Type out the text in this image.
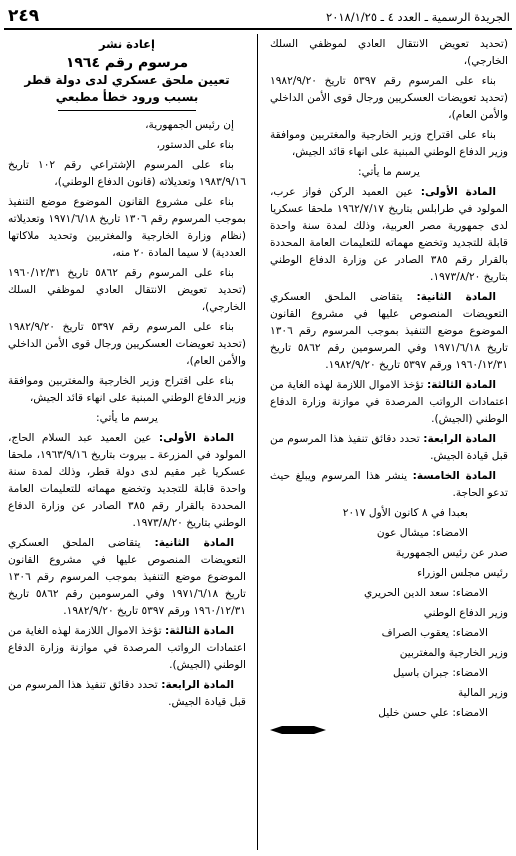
٢٤٩	الجريدة الرسمية ـ العدد ٤ ـ ٢٠١٨/١/٢٥

(تحديد تعويض الانتقال العادي لموظفي السلك الخارجي)،

بناء على المرسوم رقم ٥٣٩٧ تاريخ ١٩٨٢/٩/٢٠ (تحديد تعويضات العسكريين ورجال قوى الأمن الداخلي والأمن العام)،

بناء على اقتراح وزير الخارجية والمغتربين وموافقة وزير الدفاع الوطني المبنية على انهاء قائد الجيش،

يرسم ما يأتي:

المادة الأولى: عين العميد الركن فواز عرب، المولود في طرابلس بتاريخ ١٩٦٢/٧/١٧ ملحقا عسكريا لدى جمهورية مصر العربية، وذلك لمدة سنة واحدة قابلة للتجديد وتخضع مهماته للتعليمات العامة المحددة بالقرار رقم ٣٨٥ الصادر عن وزارة الدفاع الوطني بتاريخ ١٩٧٣/٨/٢٠.

المادة الثانية: يتقاضى الملحق العسكري التعويضات المنصوص عليها في مشروع القانون الموضوع موضع التنفيذ بموجب المرسوم رقم ١٣٠٦ تاريخ ١٩٧١/٦/١٨ وفي المرسومين رقم ٥٨٦٢ تاريخ ١٩٦٠/١٢/٣١ ورقم ٥٣٩٧ تاريخ ١٩٨٢/٩/٢٠.

المادة الثالثة: تؤخذ الاموال اللازمة لهذه الغاية من اعتمادات الرواتب المرصدة في موازنة وزارة الدفاع الوطني (الجيش).

المادة الرابعة: تحدد دقائق تنفيذ هذا المرسوم من قبل قيادة الجيش.

المادة الخامسة: ينشر هذا المرسوم ويبلغ حيث تدعو الحاجة.

بعبدا في ٨ كانون الأول ٢٠١٧

الامضاء: ميشال عون

صدر عن رئيس الجمهورية

رئيس مجلس الوزراء

الامضاء: سعد الدين الحريري

وزير الدفاع الوطني

الامضاء: يعقوب الصراف

وزير الخارجية والمغتربين

الامضاء: جبران باسيل

وزير المالية

الامضاء: علي حسن خليل

إعادة نشر

مرسوم رقم ١٩٦٤

تعيين ملحق عسكري لدى دولة قطر

بسبب ورود خطأ مطبعي

إن رئيس الجمهورية،

بناء على الدستور،

بناء على المرسوم الإشتراعي رقم ١٠٢ تاريخ ١٩٨٣/٩/١٦ وتعديلاته (قانون الدفاع الوطني)،

بناء على مشروع القانون الموضوع موضع التنفيذ بموجب المرسوم رقم ١٣٠٦ تاريخ ١٩٧١/٦/١٨ وتعديلاته (نظام وزارة الخارجية والمغتربين وتحديد ملاكاتها العددية) لا سيما المادة ٢٠ منه،

بناء على المرسوم رقم ٥٨٦٢ تاريخ ١٩٦٠/١٢/٣١ (تحديد تعويض الانتقال العادي لموظفي السلك الخارجي)،

بناء على المرسوم رقم ٥٣٩٧ تاريخ ١٩٨٢/٩/٢٠ (تحديد تعويضات العسكريين ورجال قوى الأمن الداخلي والأمن العام)،

بناء على اقتراح وزير الخارجية والمغتربين وموافقة وزير الدفاع الوطني المبنية على انهاء قائد الجيش،

يرسم ما يأتي:

المادة الأولى: عين العميد عبد السلام الحاج، المولود في المزرعة ـ بيروت بتاريخ ١٩٦٣/٩/١٦، ملحقا عسكريا غير مقيم لدى دولة قطر، وذلك لمدة سنة واحدة قابلة للتجديد وتخضع مهماته للتعليمات العامة المحددة بالقرار رقم ٣٨٥ الصادر عن وزارة الدفاع الوطني بتاريخ ١٩٧٣/٨/٢٠.

المادة الثانية: يتقاضى الملحق العسكري التعويضات المنصوص عليها في مشروع القانون الموضوع موضع التنفيذ بموجب المرسوم رقم ١٣٠٦ تاريخ ١٩٧١/٦/١٨ وفي المرسومين رقم ٥٨٦٢ تاريخ ١٩٦٠/١٢/٣١ ورقم ٥٣٩٧ تاريخ ١٩٨٢/٩/٢٠.

المادة الثالثة: تؤخذ الاموال اللازمة لهذه الغاية من اعتمادات الرواتب المرصدة في موازنة وزارة الدفاع الوطني (الجيش).

المادة الرابعة: تحدد دقائق تنفيذ هذا المرسوم من قبل قيادة الجيش.
